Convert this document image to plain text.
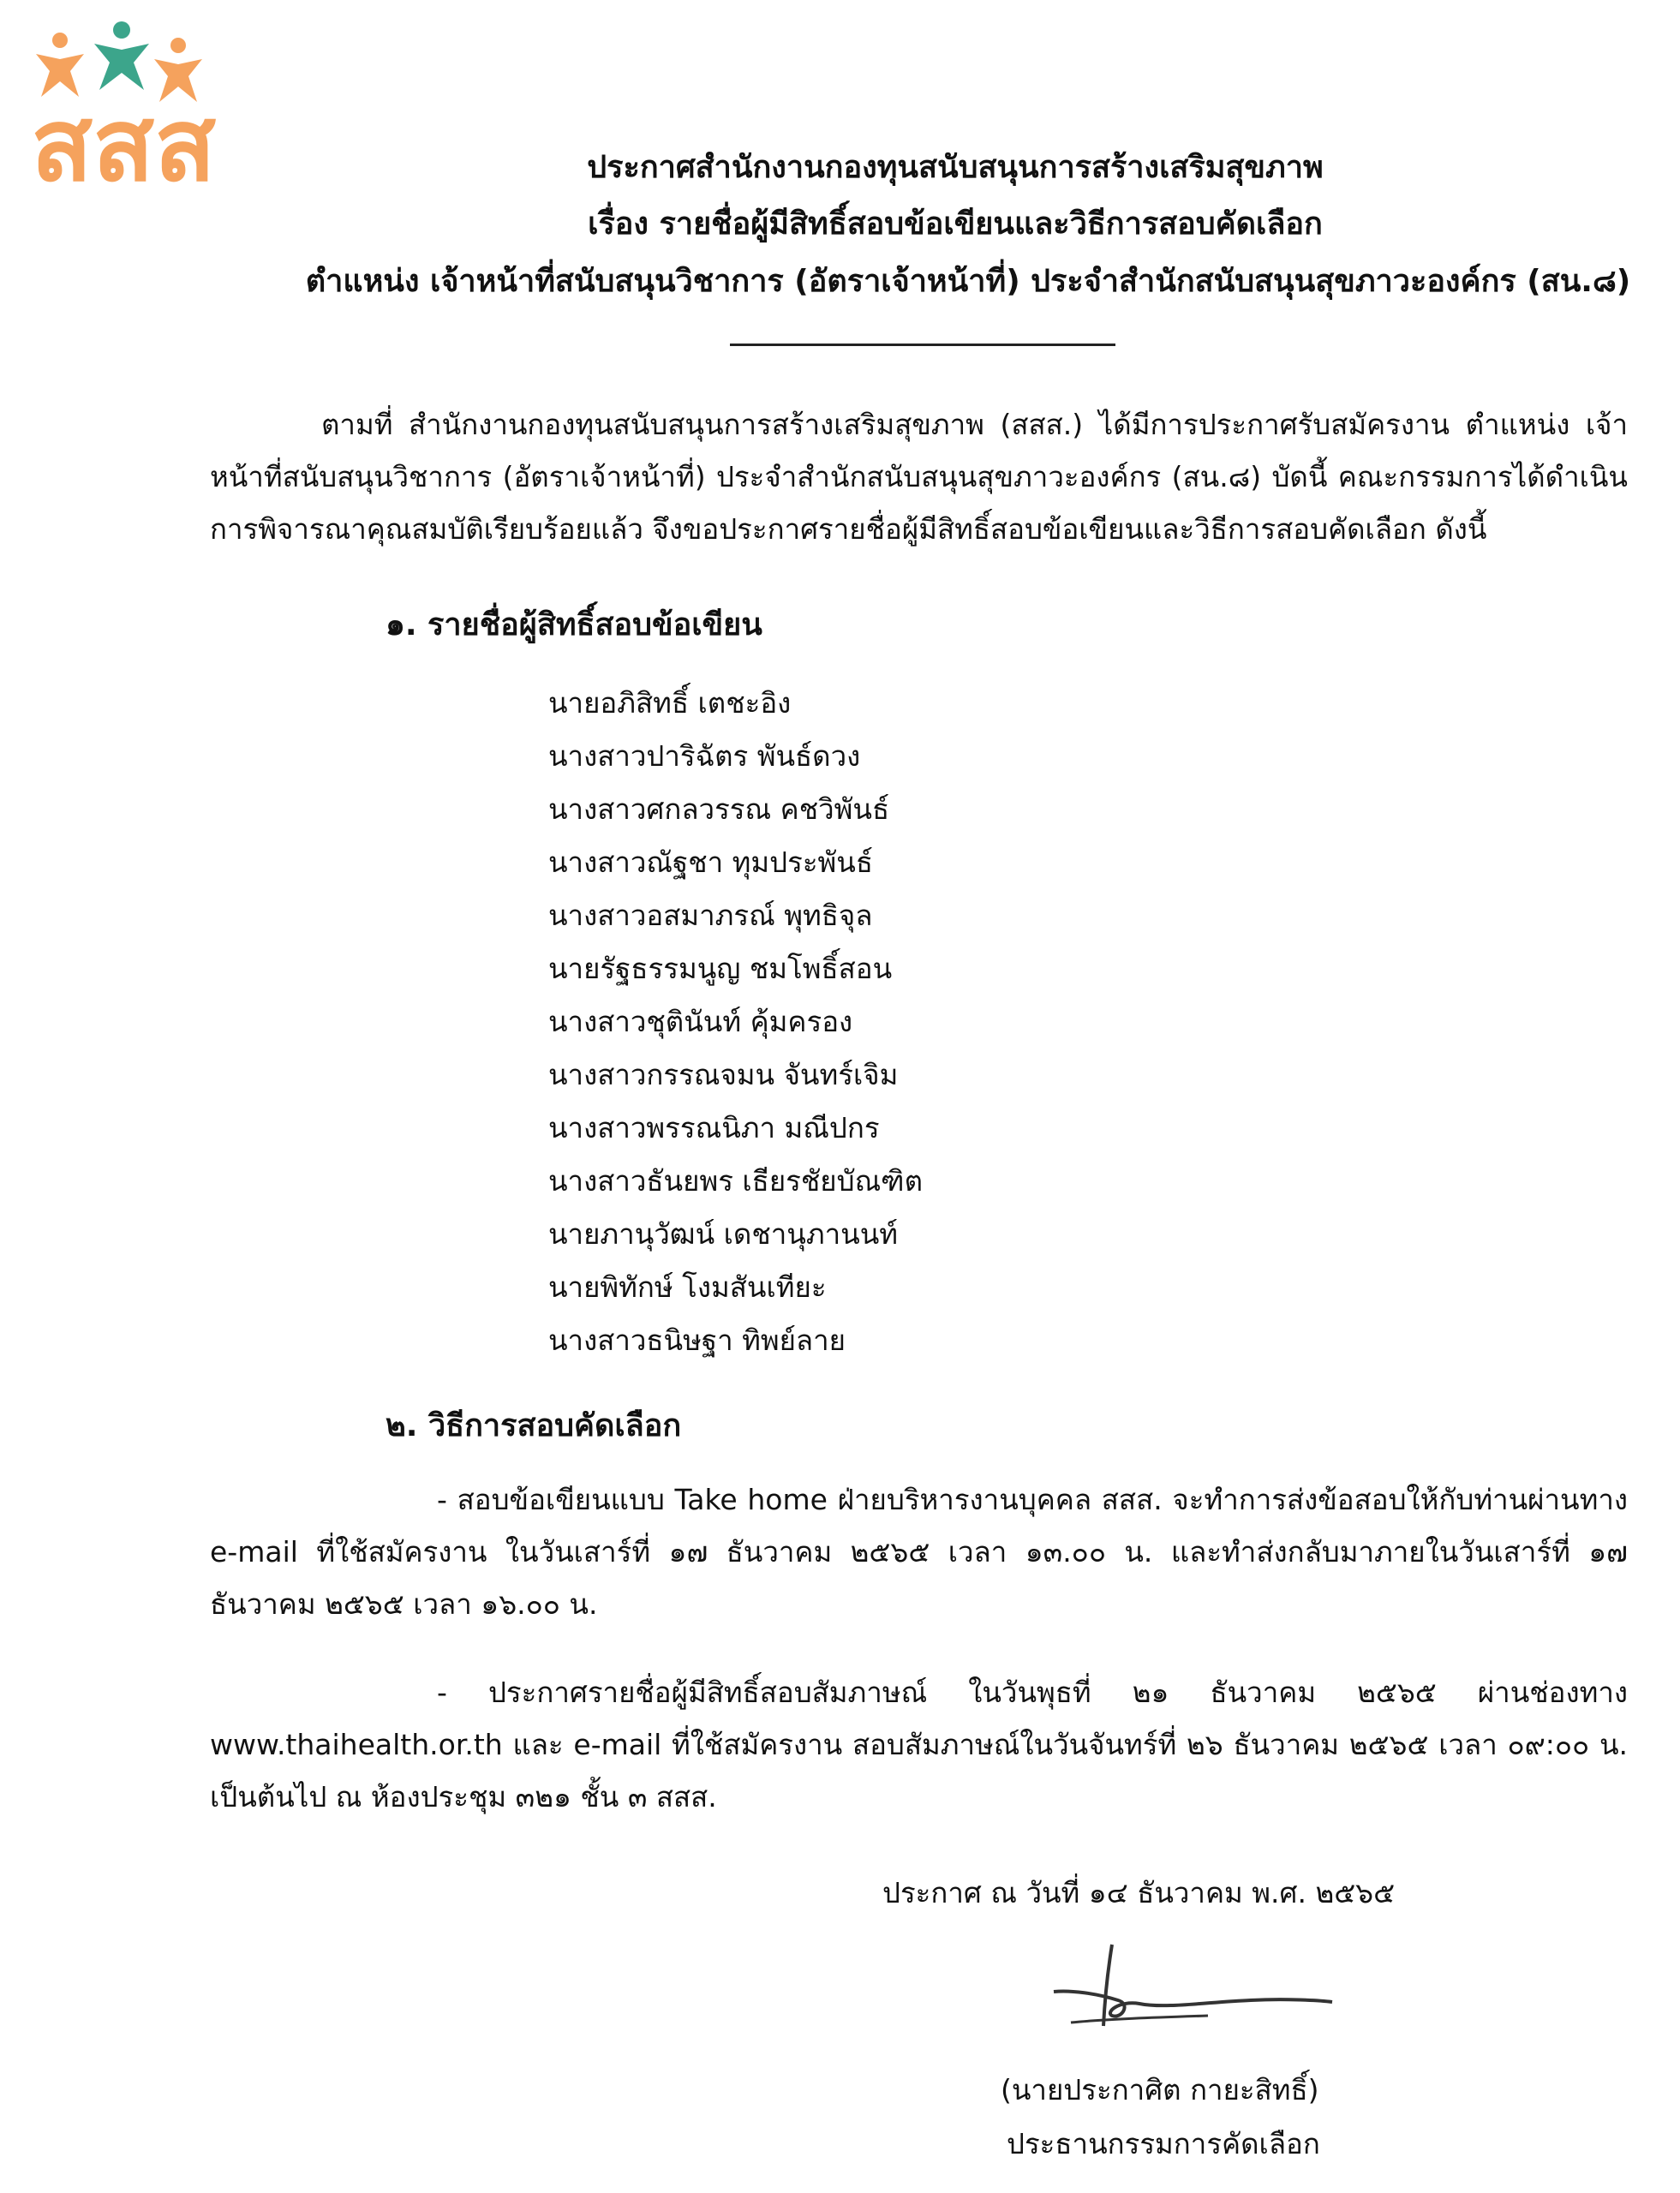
สสส	ประกาศสำนักงานกองทุนสนับสนุนการสร้างเสริมสุขภาพ
เรื่อง รายชื่อผู้มีสิทธิ์สอบข้อเขียนและวิธีการสอบคัดเลือก
ตำแหน่ง เจ้าหน้าที่สนับสนุนวิชาการ (อัตราเจ้าหน้าที่) ประจำสำนักสนับสนุนสุขภาวะองค์กร (สน.๘)
ตามที่ สำนักงานกองทุนสนับสนุนการสร้างเสริมสุขภาพ (สสส.) ได้มีการประกาศรับสมัครงาน ตำแหน่ง เจ้าหน้าที่สนับสนุนวิชาการ (อัตราเจ้าหน้าที่) ประจำสำนักสนับสนุนสุขภาวะองค์กร (สน.๘) บัดนี้ คณะกรรมการได้ดำเนินการพิจารณาคุณสมบัติเรียบร้อยแล้ว จึงขอประกาศรายชื่อผู้มีสิทธิ์สอบข้อเขียนและวิธีการสอบคัดเลือก ดังนี้
๑. รายชื่อผู้สิทธิ์สอบข้อเขียน
นายอภิสิทธิ์ เตชะอิง
นางสาวปาริฉัตร พันธ์ดวง
นางสาวศกลวรรณ คชวิพันธ์
นางสาวณัฐชา ทุมประพันธ์
นางสาวอสมาภรณ์ พุทธิจุล
นายรัฐธรรมนูญ ชมโพธิ์สอน
นางสาวชุตินันท์ คุ้มครอง
นางสาวกรรณจมน จันทร์เจิม
นางสาวพรรณนิภา มณีปกร
นางสาวธันยพร เธียรชัยบัณฑิต
นายภานุวัฒน์ เดชานุภานนท์
นายพิทักษ์ โงมสันเทียะ
นางสาวธนิษฐา ทิพย์ลาย
๒. วิธีการสอบคัดเลือก
- สอบข้อเขียนแบบ Take home ฝ่ายบริหารงานบุคคล สสส. จะทำการส่งข้อสอบให้กับท่านผ่านทาง e-mail ที่ใช้สมัครงาน ในวันเสาร์ที่ ๑๗ ธันวาคม ๒๕๖๕ เวลา ๑๓.๐๐ น. และทำส่งกลับมาภายในวันเสาร์ที่ ๑๗ ธันวาคม ๒๕๖๕ เวลา ๑๖.๐๐ น.
- ประกาศรายชื่อผู้มีสิทธิ์สอบสัมภาษณ์ ในวันพุธที่ ๒๑ ธันวาคม ๒๕๖๕ ผ่านช่องทาง www.thaihealth.or.th และ e-mail ที่ใช้สมัครงาน สอบสัมภาษณ์ในวันจันทร์ที่ ๒๖ ธันวาคม ๒๕๖๕ เวลา ๐๙:๐๐ น. เป็นต้นไป ณ ห้องประชุม ๓๒๑ ชั้น ๓ สสส.
ประกาศ ณ วันที่ ๑๔ ธันวาคม พ.ศ. ๒๕๖๕
(นายประกาศิต กายะสิทธิ์)
ประธานกรรมการคัดเลือก
